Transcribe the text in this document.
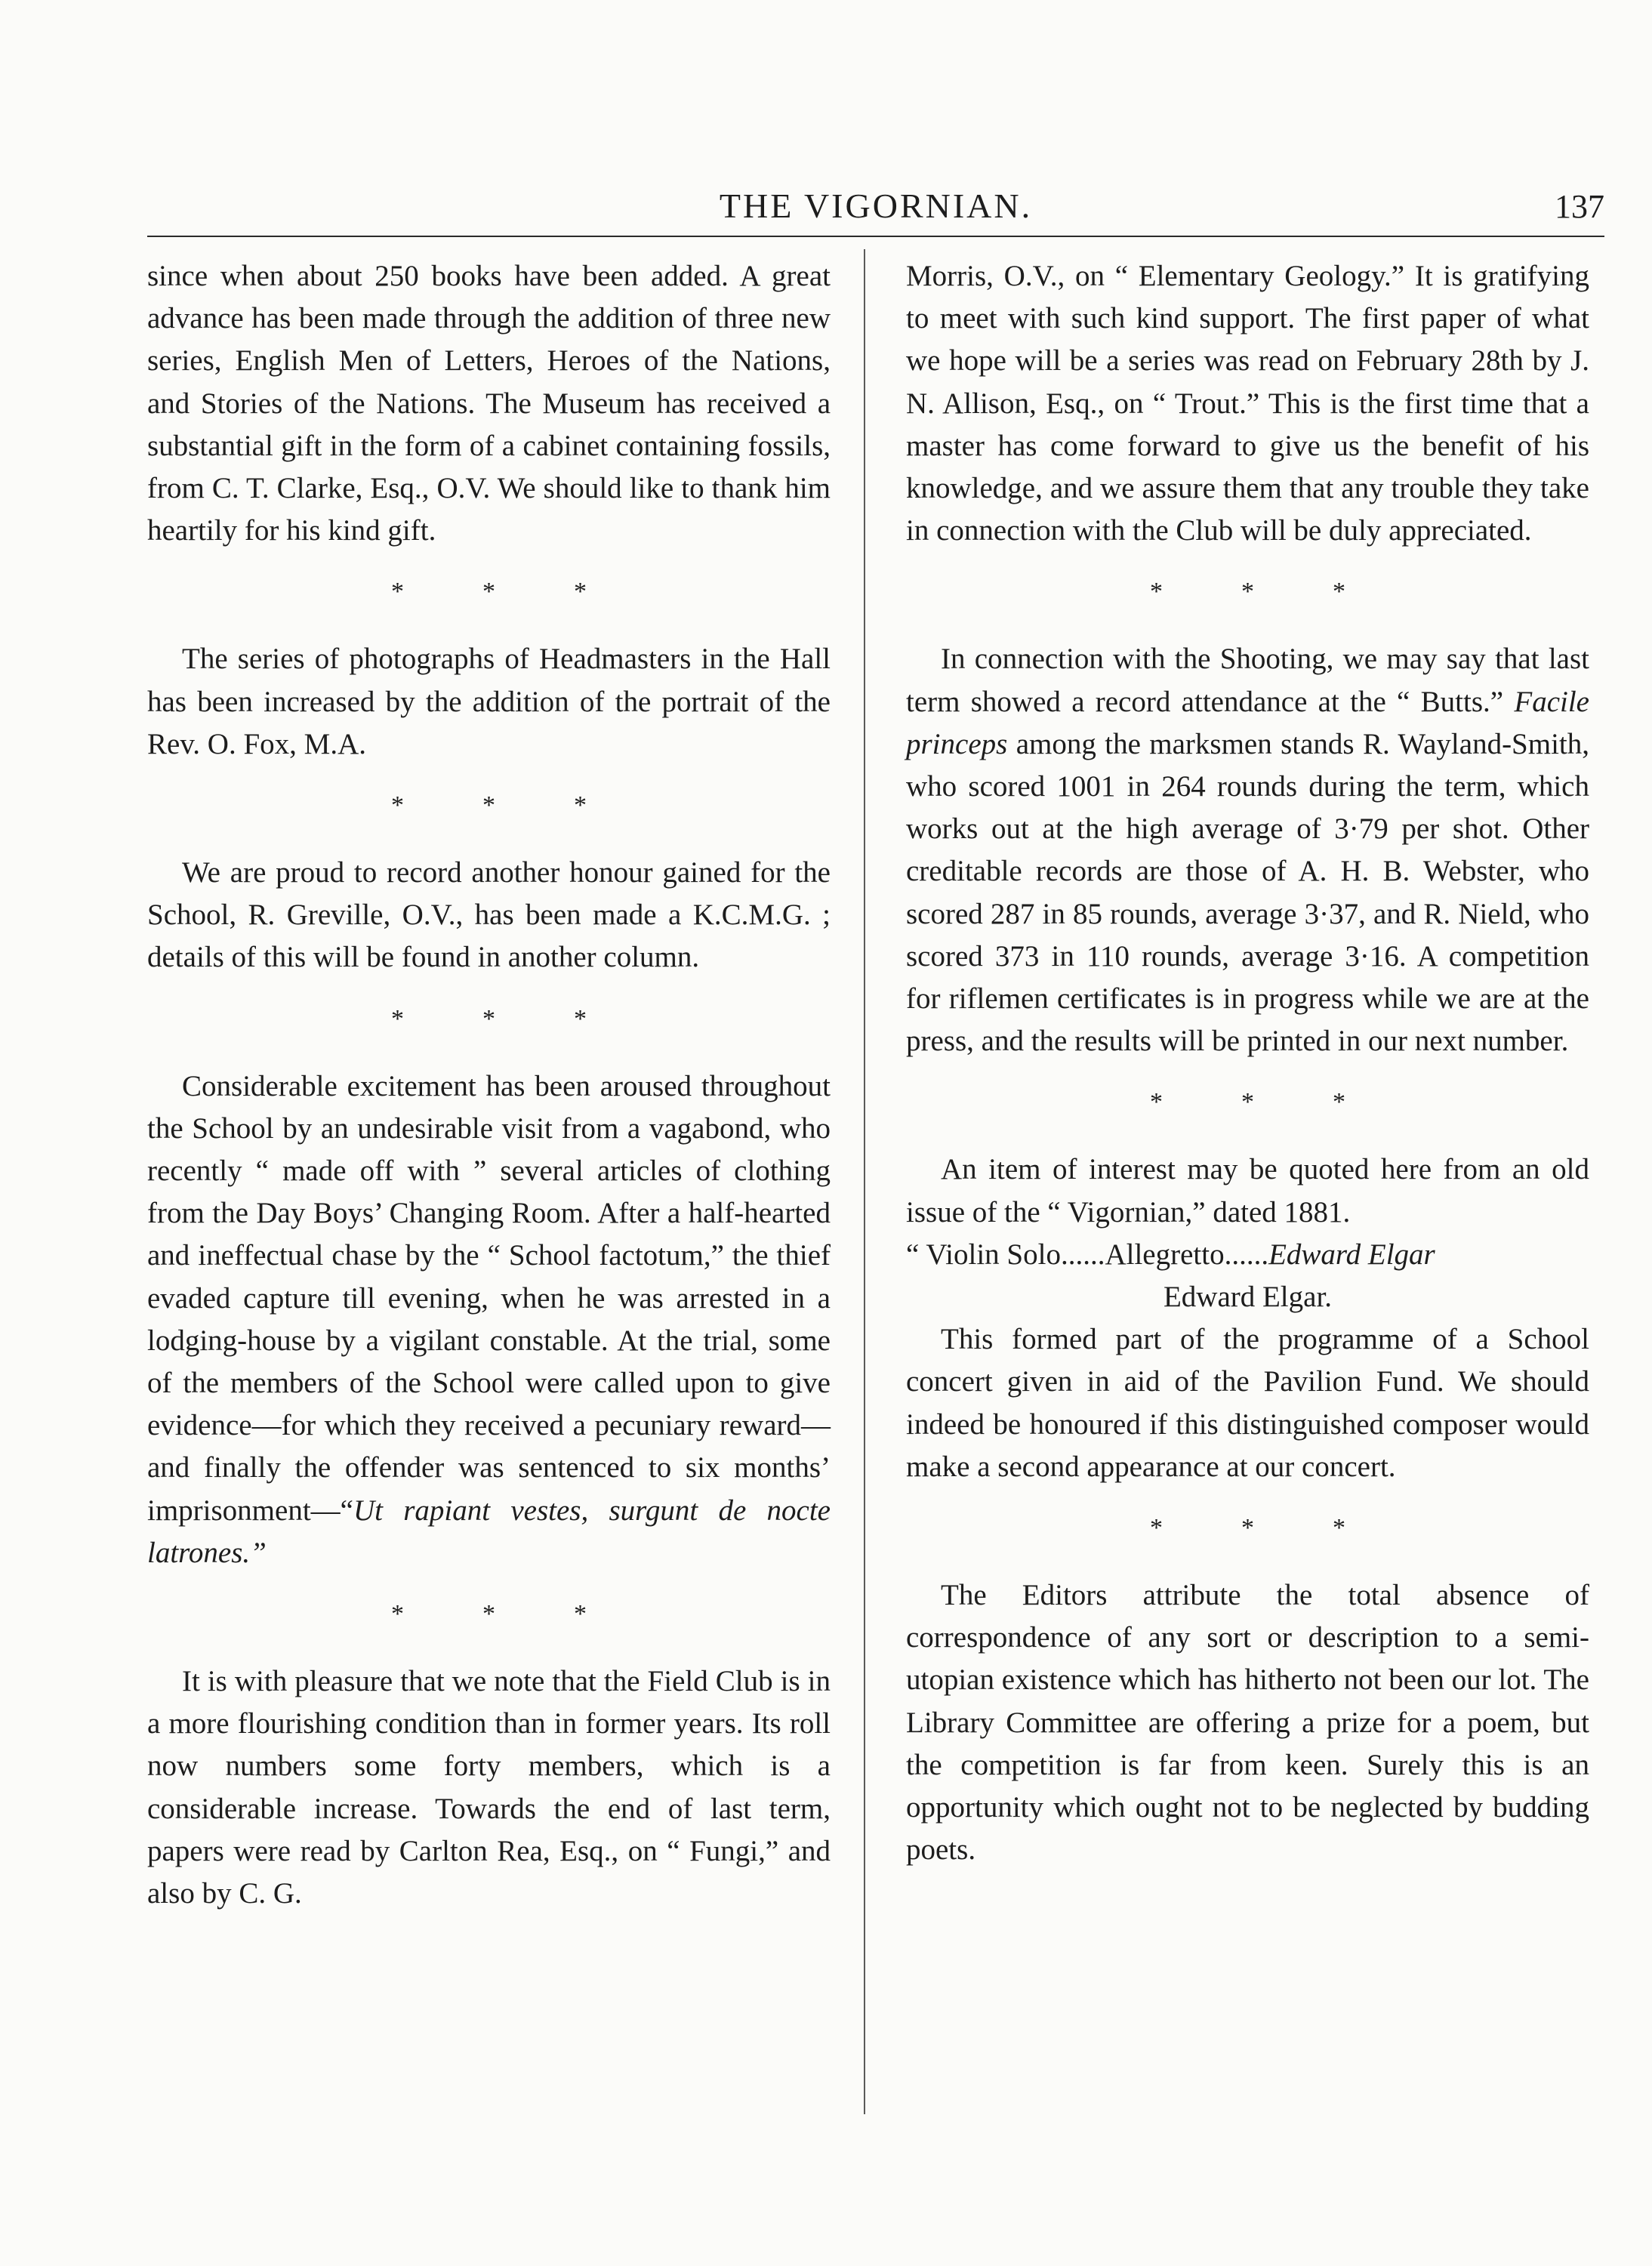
THE VIGORNIAN.	137

since when about 250 books have been added. A great advance has been made through the addition of three new series, English Men of Letters, Heroes of the Nations, and Stories of the Nations. The Museum has received a substantial gift in the form of a cabinet containing fossils, from C. T. Clarke, Esq., O.V. We should like to thank him heartily for his kind gift.

* * *

The series of photographs of Headmasters in the Hall has been increased by the addition of the portrait of the Rev. O. Fox, M.A.

* * *

We are proud to record another honour gained for the School, R. Greville, O.V., has been made a K.C.M.G. ; details of this will be found in another column.

* * *

Considerable excitement has been aroused throughout the School by an undesirable visit from a vagabond, who recently “ made off with ” several articles of clothing from the Day Boys’ Changing Room. After a half-hearted and ineffectual chase by the “ School factotum,” the thief evaded capture till evening, when he was arrested in a lodging-house by a vigilant constable. At the trial, some of the members of the School were called upon to give evidence—for which they received a pecuniary reward—and finally the offender was sentenced to six months’ imprisonment—“Ut rapiant vestes, surgunt de nocte latrones.”

* * *

It is with pleasure that we note that the Field Club is in a more flourishing condition than in former years. Its roll now numbers some forty members, which is a considerable increase. Towards the end of last term, papers were read by Carlton Rea, Esq., on “ Fungi,” and also by C. G.

Morris, O.V., on “ Elementary Geology.” It is gratifying to meet with such kind support. The first paper of what we hope will be a series was read on February 28th by J. N. Allison, Esq., on “ Trout.” This is the first time that a master has come forward to give us the benefit of his knowledge, and we assure them that any trouble they take in connection with the Club will be duly appreciated.

* * *

In connection with the Shooting, we may say that last term showed a record attendance at the “ Butts.” Facile princeps among the marksmen stands R. Wayland-Smith, who scored 1001 in 264 rounds during the term, which works out at the high average of 3·79 per shot. Other creditable records are those of A. H. B. Webster, who scored 287 in 85 rounds, average 3·37, and R. Nield, who scored 373 in 110 rounds, average 3·16. A competition for riflemen certificates is in progress while we are at the press, and the results will be printed in our next number.

* * *

An item of interest may be quoted here from an old issue of the “ Vigornian,” dated 1881.

“ Violin Solo......Allegretto......Edward Elgar

Edward Elgar.

This formed part of the programme of a School concert given in aid of the Pavilion Fund. We should indeed be honoured if this distinguished composer would make a second appearance at our concert.

* * *

The Editors attribute the total absence of correspondence of any sort or description to a semi-utopian existence which has hitherto not been our lot. The Library Committee are offering a prize for a poem, but the competition is far from keen. Surely this is an opportunity which ought not to be neglected by budding poets.
